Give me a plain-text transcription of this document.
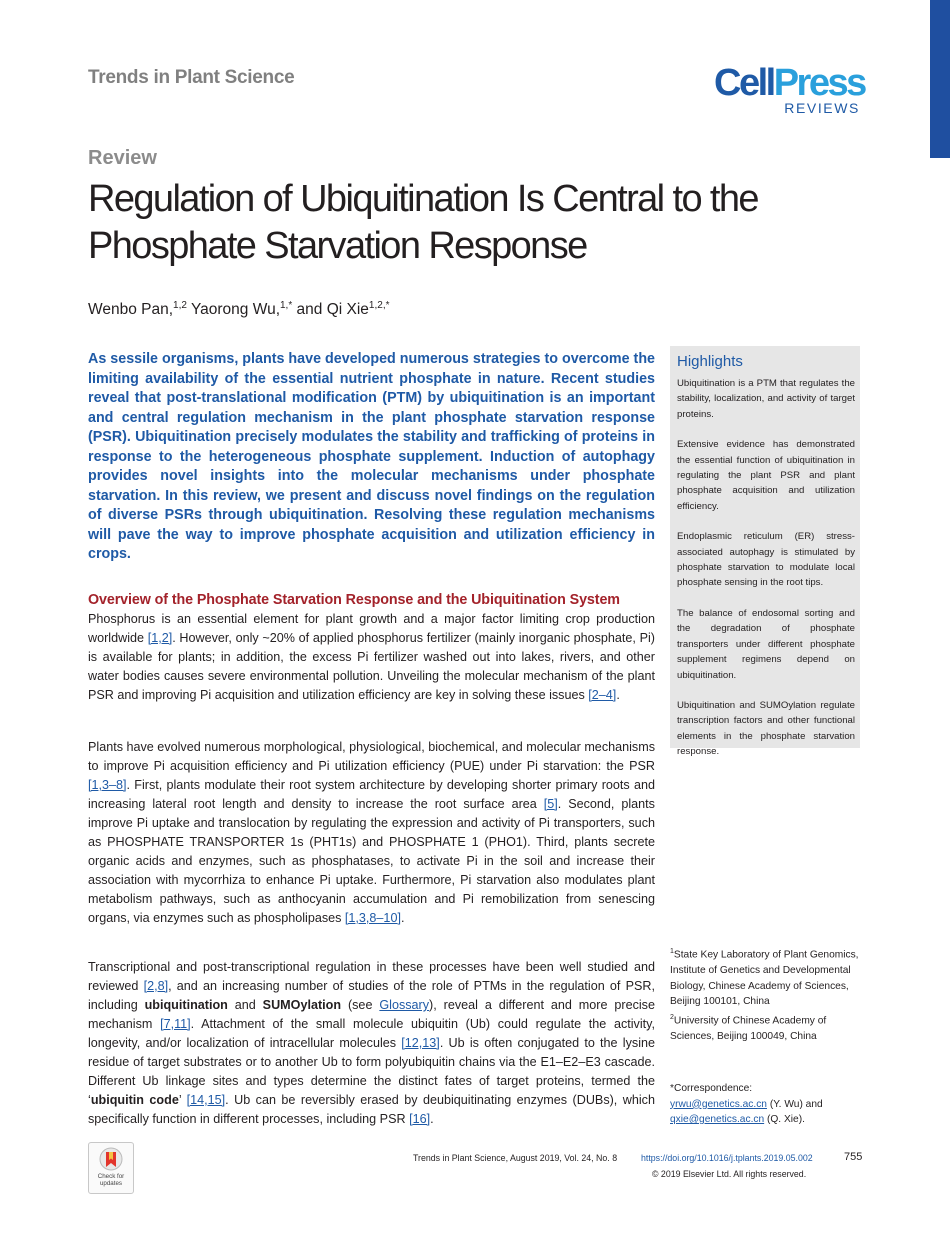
Trends in Plant Science	CellPress
REVIEWS
Review
Regulation of Ubiquitination Is Central to the Phosphate Starvation Response
Wenbo Pan,$^{1,2}$ Yaorong Wu,$^{1,*}$ and Qi Xie$^{1,2,*}$
As sessile organisms, plants have developed numerous strategies to overcome the limiting availability of the essential nutrient phosphate in nature. Recent studies reveal that post-translational modification (PTM) by ubiquitination is an important and central regulation mechanism in the plant phosphate starvation response (PSR). Ubiquitination precisely modulates the stability and trafficking of proteins in response to the heterogeneous phosphate supplement. Induction of autophagy provides novel insights into the molecular mechanisms under phosphate starvation. In this review, we present and discuss novel findings on the regulation of diverse PSRs through ubiquitination. Resolving these regulation mechanisms will pave the way to improve phosphate acquisition and utilization efficiency in crops.
Highlights
Ubiquitination is a PTM that regulates the stability, localization, and activity of target proteins.
Extensive evidence has demonstrated the essential function of ubiquitination in regulating the plant PSR and plant phosphate acquisition and utilization efficiency.
Endoplasmic reticulum (ER) stress-associated autophagy is stimulated by phosphate starvation to modulate local phosphate sensing in the root tips.
The balance of endosomal sorting and the degradation of phosphate transporters under different phosphate supplement regimens depend on ubiquitination.
Ubiquitination and SUMOylation regulate transcription factors and other functional elements in the phosphate starvation response.
Overview of the Phosphate Starvation Response and the Ubiquitination System

Phosphorus is an essential element for plant growth and a major factor limiting crop production worldwide [1,2]. However, only ~20% of applied phosphorus fertilizer (mainly inorganic phosphate, Pi) is available for plants; in addition, the excess Pi fertilizer washed out into lakes, rivers, and other water bodies causes severe environmental pollution. Unveiling the molecular mechanism of the plant PSR and improving Pi acquisition and utilization efficiency are key in solving these issues [2–4].

Plants have evolved numerous morphological, physiological, biochemical, and molecular mechanisms to improve Pi acquisition efficiency and Pi utilization efficiency (PUE) under Pi starvation: the PSR [1,3–8]. First, plants modulate their root system architecture by developing shorter primary roots and increasing lateral root length and density to increase the root surface area [5]. Second, plants improve Pi uptake and translocation by regulating the expression and activity of Pi transporters, such as PHOSPHATE TRANSPORTER 1s (PHT1s) and PHOSPHATE 1 (PHO1). Third, plants secrete organic acids and enzymes, such as phosphatases, to activate Pi in the soil and increase their association with mycorrhiza to enhance Pi uptake. Furthermore, Pi starvation also modulates plant metabolism pathways, such as anthocyanin accumulation and Pi remobilization from senescing organs, via enzymes such as phospholipases [1,3,8–10].

Transcriptional and post-transcriptional regulation in these processes have been well studied and reviewed [2,8], and an increasing number of studies of the role of PTMs in the regulation of PSR, including ubiquitination and SUMOylation (see Glossary), reveal a different and more precise mechanism [7,11]. Attachment of the small molecule ubiquitin (Ub) could regulate the activity, longevity, and/or localization of intracellular molecules [12,13]. Ub is often conjugated to the lysine residue of target substrates or to another Ub to form polyubiquitin chains via the E1–E2–E3 cascade. Different Ub linkage sites and types determine the distinct fates of target proteins, termed the ‘ubiquitin code’ [14,15]. Ub can be reversibly erased by deubiquitinating enzymes (DUBs), which specifically function in different processes, including PSR [16].

$^1$State Key Laboratory of Plant Genomics, Institute of Genetics and Developmental Biology, Chinese Academy of Sciences, Beijing 100101, China
$^2$University of Chinese Academy of Sciences, Beijing 100049, China
*Correspondence:
yrwu@genetics.ac.cn (Y. Wu) and
qxie@genetics.ac.cn (Q. Xie).
Check for
updates
Trends in Plant Science, August 2019, Vol. 24, No. 8	https://doi.org/10.1016/j.tplants.2019.05.002	755
© 2019 Elsevier Ltd. All rights reserved.
